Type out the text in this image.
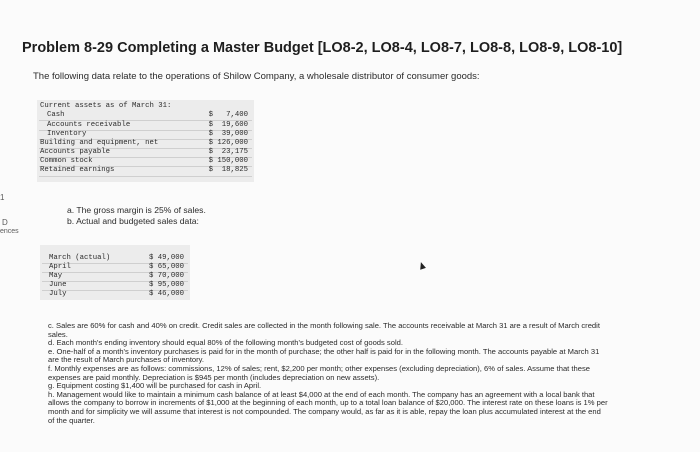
1
D
ences
Problem 8-29 Completing a Master Budget [LO8-2, LO8-4, LO8-7, LO8-8, LO8-9, LO8-10]
The following data relate to the operations of Shilow Company, a wholesale distributor of consumer goods:
Current assets as of March 31:
Cash	$   7,400
Accounts receivable	$  19,600
Inventory	$  39,000
Building and equipment, net	$ 126,000
Accounts payable	$  23,175
Common stock	$ 150,000
Retained earnings	$  18,825
a. The gross margin is 25% of sales.
b. Actual and budgeted sales data:
March (actual)	$ 49,000
April	$ 65,000
May	$ 70,000
June	$ 95,000
July	$ 46,000

c. Sales are 60% for cash and 40% on credit. Credit sales are collected in the month following sale. The accounts receivable at March 31 are a result of March credit sales.

d. Each month's ending inventory should equal 80% of the following month's budgeted cost of goods sold.

e. One-half of a month's inventory purchases is paid for in the month of purchase; the other half is paid for in the following month. The accounts payable at March 31 are the result of March purchases of inventory.

f. Monthly expenses are as follows: commissions, 12% of sales; rent, $2,200 per month; other expenses (excluding depreciation), 6% of sales. Assume that these expenses are paid monthly. Depreciation is $945 per month (includes depreciation on new assets).

g. Equipment costing $1,400 will be purchased for cash in April.

h. Management would like to maintain a minimum cash balance of at least $4,000 at the end of each month. The company has an agreement with a local bank that allows the company to borrow in increments of $1,000 at the beginning of each month, up to a total loan balance of $20,000. The interest rate on these loans is 1% per month and for simplicity we will assume that interest is not compounded. The company would, as far as it is able, repay the loan plus accumulated interest at the end of the quarter.
